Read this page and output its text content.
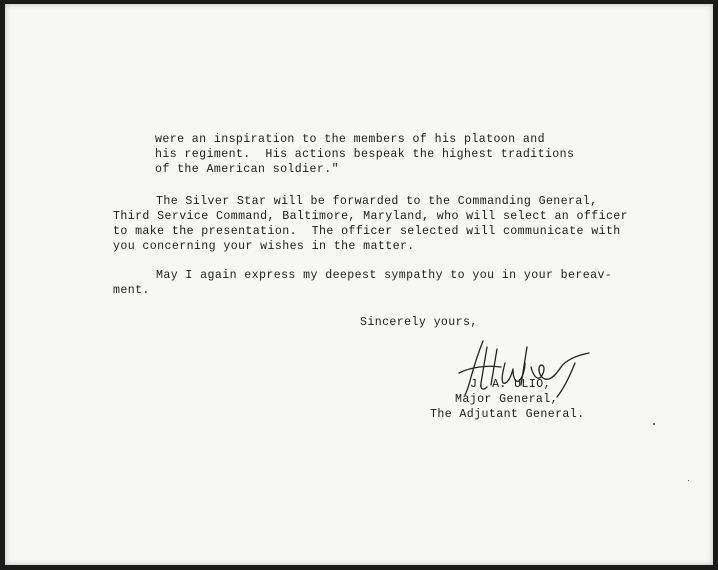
were an inspiration to the members of his platoon and
his regiment.  His actions bespeak the highest traditions
of the American soldier."
The Silver Star will be forwarded to the Commanding General,
Third Service Command, Baltimore, Maryland, who will select an officer
to make the presentation.  The officer selected will communicate with
you concerning your wishes in the matter.
May I again express my deepest sympathy to you in your bereav-
ment.
Sincerely yours,
J. A. ULIO,
Major General,
The Adjutant General.
